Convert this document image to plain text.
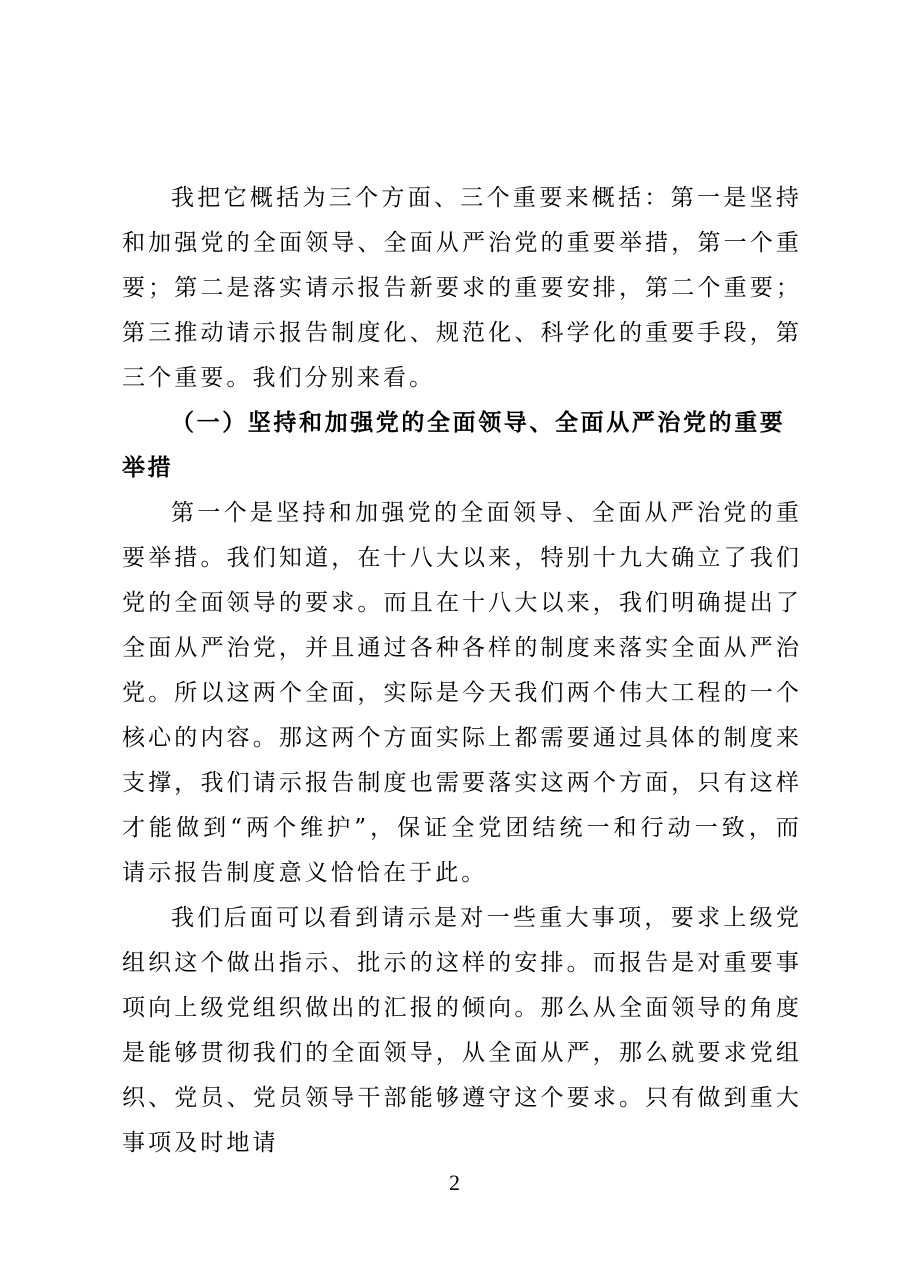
我把它概括为三个方面、三个重要来概括：第一是坚持和加强党的全面领导、全面从严治党的重要举措，第一个重要；第二是落实请示报告新要求的重要安排，第二个重要；第三推动请示报告制度化、规范化、科学化的重要手段，第三个重要。我们分别来看。

（一）坚持和加强党的全面领导、全面从严治党的重要举措

第一个是坚持和加强党的全面领导、全面从严治党的重要举措。我们知道，在十八大以来，特别十九大确立了我们党的全面领导的要求。而且在十八大以来，我们明确提出了全面从严治党，并且通过各种各样的制度来落实全面从严治党。所以这两个全面，实际是今天我们两个伟大工程的一个核心的内容。那这两个方面实际上都需要通过具体的制度来支撑，我们请示报告制度也需要落实这两个方面，只有这样才能做到“两个维护”，保证全党团结统一和行动一致，而请示报告制度意义恰恰在于此。

我们后面可以看到请示是对一些重大事项，要求上级党组织这个做出指示、批示的这样的安排。而报告是对重要事项向上级党组织做出的汇报的倾向。那么从全面领导的角度是能够贯彻我们的全面领导，从全面从严，那么就要求党组织、党员、党员领导干部能够遵守这个要求。只有做到重大事项及时地请

2
